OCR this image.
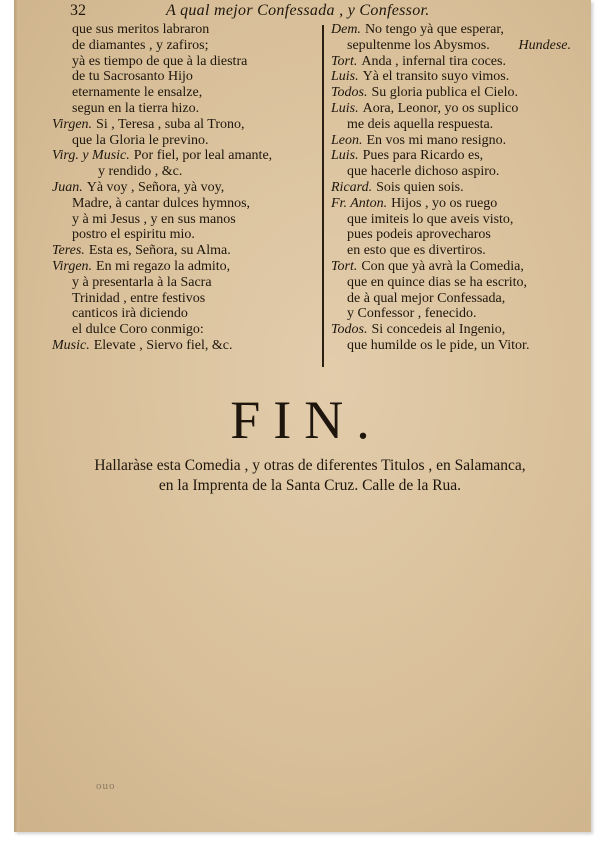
32	A qual mejor Confessada , y Confessor.
que sus meritos labraron
de diamantes , y zafiros;
yà es tiempo de que à la diestra
de tu Sacrosanto Hijo
eternamente le ensalze,
segun en la tierra hizo.
Virgen. Si , Teresa , suba al Trono,
que la Gloria le previno.
Virg. y Music. Por fiel, por leal amante,
y rendido , &c.
Juan. Yà voy , Señora, yà voy,
Madre, à cantar dulces hymnos,
y à mi Jesus , y en sus manos
postro el espiritu mio.
Teres. Esta es, Señora, su Alma.
Virgen. En mi regazo la admito,
y à presentarla à la Sacra
Trinidad , entre festivos
canticos irà diciendo
el dulce Coro conmigo:
Music. Elevate , Siervo fiel, &c.
Dem. No tengo yà que esperar,
sepultenme los Abysmos. Hundese.
Tort. Anda , infernal tira coces.
Luis. Yà el transito suyo vimos.
Todos. Su gloria publica el Cielo.
Luis. Aora, Leonor, yo os suplico
me deis aquella respuesta.
Leon. En vos mi mano resigno.
Luis. Pues para Ricardo es,
que hacerle dichoso aspiro.
Ricard. Sois quien sois.
Fr. Anton. Hijos , yo os ruego
que imiteis lo que aveis visto,
pues podeis aprovecharos
en esto que es divertiros.
Tort. Con que yà avrà la Comedia,
que en quince dias se ha escrito,
de à qual mejor Confessada,
y Confessor , fenecido.
Todos. Si concedeis al Ingenio,
que humilde os le pide, un Vitor.
FIN.
Hallaràse esta Comedia , y otras de diferentes Titulos , en Salamanca,
en la Imprenta de la Santa Cruz. Calle de la Rua.
ouo
